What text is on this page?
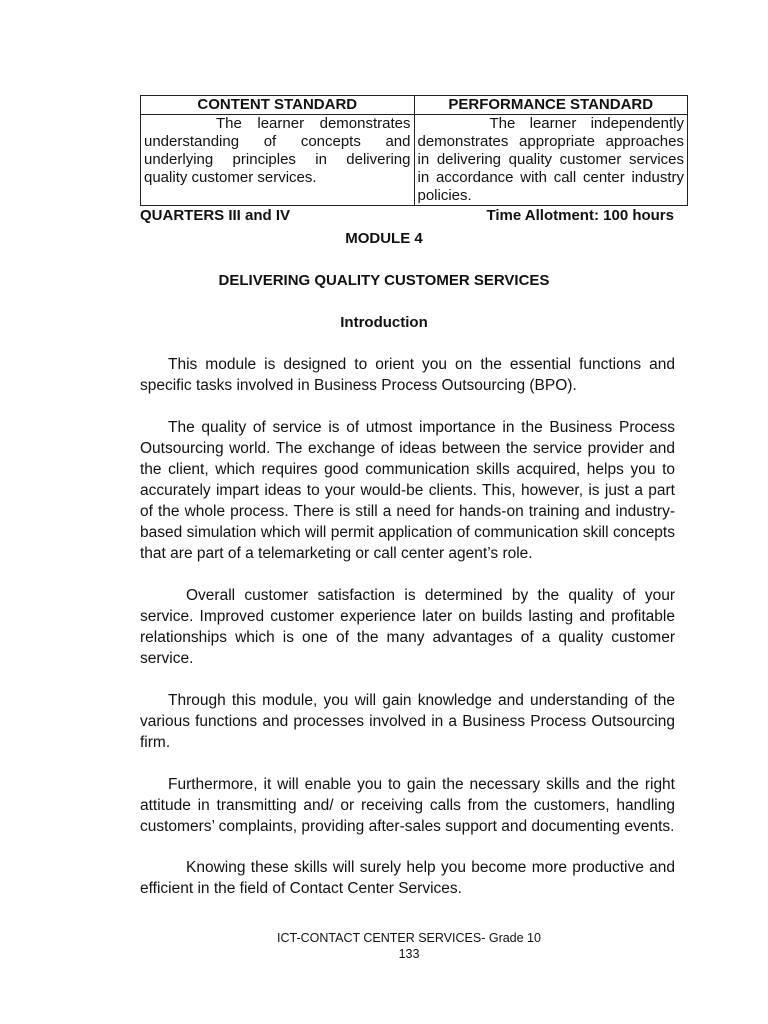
CONTENT STANDARD	PERFORMANCE STANDARD
The learner demonstrates understanding of concepts and underlying principles in delivering quality customer services.	The learner independently demonstrates appropriate approaches in delivering quality customer services in accordance with call center industry policies.
QUARTERS III and IV	Time Allotment: 100 hours
MODULE 4
DELIVERING QUALITY CUSTOMER SERVICES
Introduction
This module is designed to orient you on the essential functions and specific tasks involved in Business Process Outsourcing (BPO).
The quality of service is of utmost importance in the Business Process Outsourcing world. The exchange of ideas between the service provider and the client, which requires good communication skills acquired, helps you to accurately impart ideas to your would-be clients. This, however, is just a part of the whole process. There is still a need for hands-on training and industry-based simulation which will permit application of communication skill concepts that are part of a telemarketing or call center agent’s role.
Overall customer satisfaction is determined by the quality of your service. Improved customer experience later on builds lasting and profitable relationships which is one of the many advantages of a quality customer service.
Through this module, you will gain knowledge and understanding of the various functions and processes involved in a Business Process Outsourcing firm.
Furthermore, it will enable you to gain the necessary skills and the right attitude in transmitting and/ or receiving calls from the customers, handling customers’ complaints, providing after-sales support and documenting events.
Knowing these skills will surely help you become more productive and efficient in the field of Contact Center Services.
ICT-CONTACT CENTER SERVICES- Grade 10
133
